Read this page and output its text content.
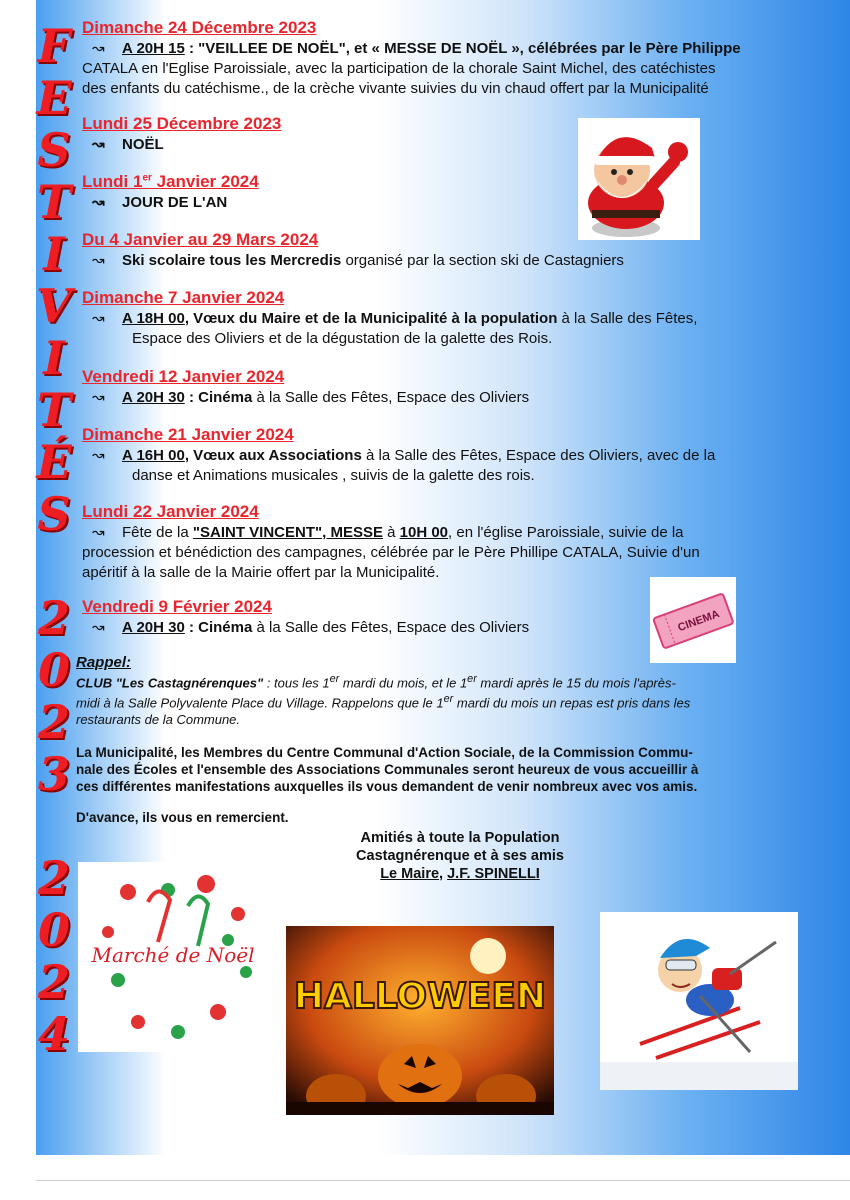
F
E
S
T
I
V
I
T
É
S
2
0
2
3
2
0
2
4
Dimanche 24 Décembre 2023
↝ A 20H 15 : "VEILLEE DE NOËL", et « MESSE DE NOËL », célébrées par le Père Philippe
CATALA en l'Eglise Paroissiale, avec la participation de la chorale Saint Michel, des catéchistes
des enfants du catéchisme., de la crèche vivante suivies du vin chaud offert par la Municipalité
Lundi 25 Décembre 2023
↝ NOËL
Lundi 1er Janvier 2024
↝ JOUR DE L'AN
Du 4 Janvier au 29 Mars 2024
↝ Ski scolaire tous les Mercredis organisé par la section ski de Castagniers
Dimanche 7 Janvier 2024
↝ A 18H 00, Vœux du Maire et de la Municipalité à la population à la Salle des Fêtes,
Espace des Oliviers et de la dégustation de la galette des Rois.
Vendredi 12 Janvier 2024
↝ A 20H 30 : Cinéma à la Salle des Fêtes, Espace des Oliviers
Dimanche 21 Janvier 2024
↝ A 16H 00, Vœux aux Associations à la Salle des Fêtes, Espace des Oliviers, avec de la
danse et Animations musicales , suivis de la galette des rois.
Lundi 22 Janvier 2024
↝ Fête de la "SAINT VINCENT", MESSE à 10H 00, en l'église Paroissiale, suivie de la
procession et bénédiction des campagnes, célébrée par le Père Phillipe CATALA, Suivie d'un
apéritif à la salle de la Mairie offert par la Municipalité.
Vendredi 9 Février 2024
↝ A 20H 30 : Cinéma à la Salle des Fêtes, Espace des Oliviers
Rappel:
CLUB "Les Castagnérenques" : tous les 1er mardi du mois, et le 1er mardi après le 15 du mois l'après-
midi à la Salle Polyvalente Place du Village. Rappelons que le 1er mardi du mois un repas est pris dans les
restaurants de la Commune.
La Municipalité, les Membres du Centre Communal d'Action Sociale, de la Commission Commu-
nale des Écoles et l'ensemble des Associations Communales seront heureux de vous accueillir à
ces différentes manifestations auxquelles ils vous demandent de venir nombreux avec vos amis.
D'avance, ils vous en remercient.
Amitiés à toute la Population
Castagnérenque et à ses amis
Le Maire, J.F. SPINELLI
CINEMA
Marché de Noël
HALLOWEEN
